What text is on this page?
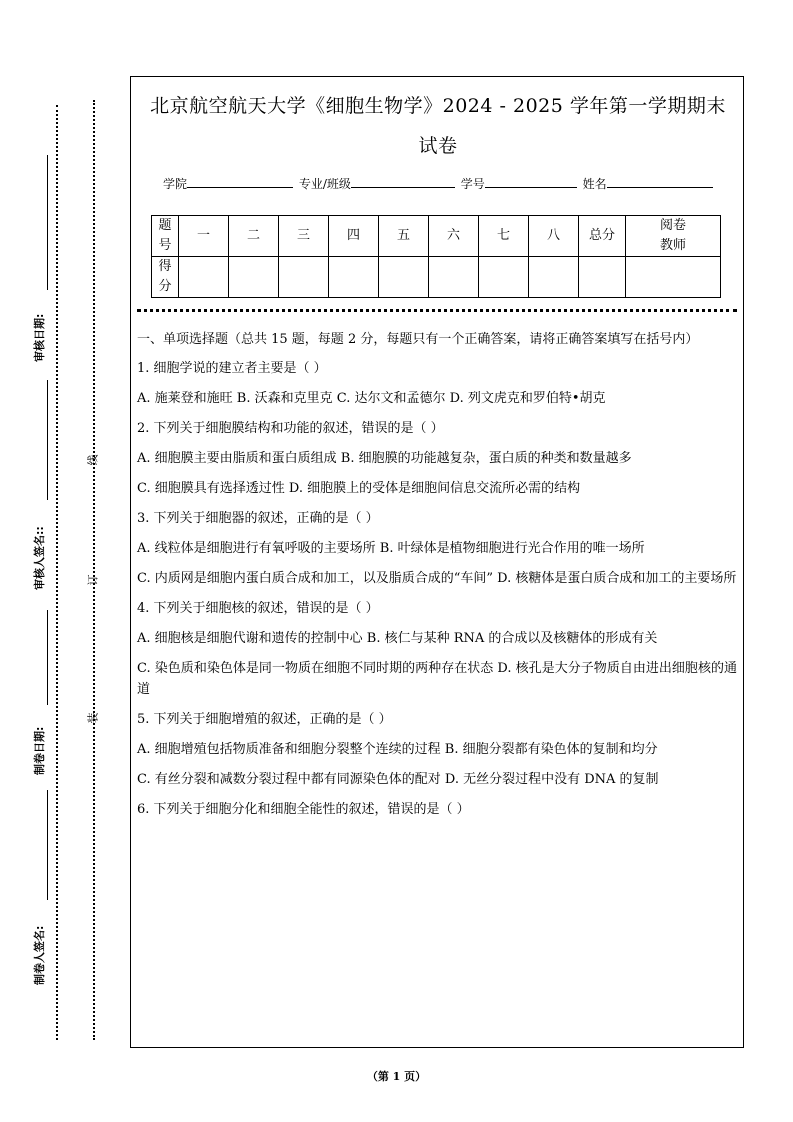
审核日期:
审核人签名::
制卷日期:
制卷人签名:
线
订
装
北京航空航天大学《细胞生物学》2024 - 2025 学年第一学期期末
试卷
学院	专业/班级	学号	姓名
题
号	一	二	三	四	五	六	七	八	总分	阅卷
教师
得
分										

一、单项选择题（总共 15 题，每题 2 分，每题只有一个正确答案，请将正确答案填写在括号内）

1. 细胞学说的建立者主要是（ ）

A. 施莱登和施旺 B. 沃森和克里克 C. 达尔文和孟德尔 D. 列文虎克和罗伯特•胡克

2. 下列关于细胞膜结构和功能的叙述，错误的是（ ）

A. 细胞膜主要由脂质和蛋白质组成 B. 细胞膜的功能越复杂，蛋白质的种类和数量越多

C. 细胞膜具有选择透过性 D. 细胞膜上的受体是细胞间信息交流所必需的结构

3. 下列关于细胞器的叙述，正确的是（ ）

A. 线粒体是细胞进行有氧呼吸的主要场所 B. 叶绿体是植物细胞进行光合作用的唯一场所

C. 内质网是细胞内蛋白质合成和加工，以及脂质合成的“车间” D. 核糖体是蛋白质合成和加工的主要场所

4. 下列关于细胞核的叙述，错误的是（ ）

A. 细胞核是细胞代谢和遗传的控制中心 B. 核仁与某种 RNA 的合成以及核糖体的形成有关

C. 染色质和染色体是同一物质在细胞不同时期的两种存在状态 D. 核孔是大分子物质自由进出细胞核的通道

5. 下列关于细胞增殖的叙述，正确的是（ ）

A. 细胞增殖包括物质准备和细胞分裂整个连续的过程 B. 细胞分裂都有染色体的复制和均分

C. 有丝分裂和减数分裂过程中都有同源染色体的配对 D. 无丝分裂过程中没有 DNA 的复制

6. 下列关于细胞分化和细胞全能性的叙述，错误的是（ ）

（第 1 页）
